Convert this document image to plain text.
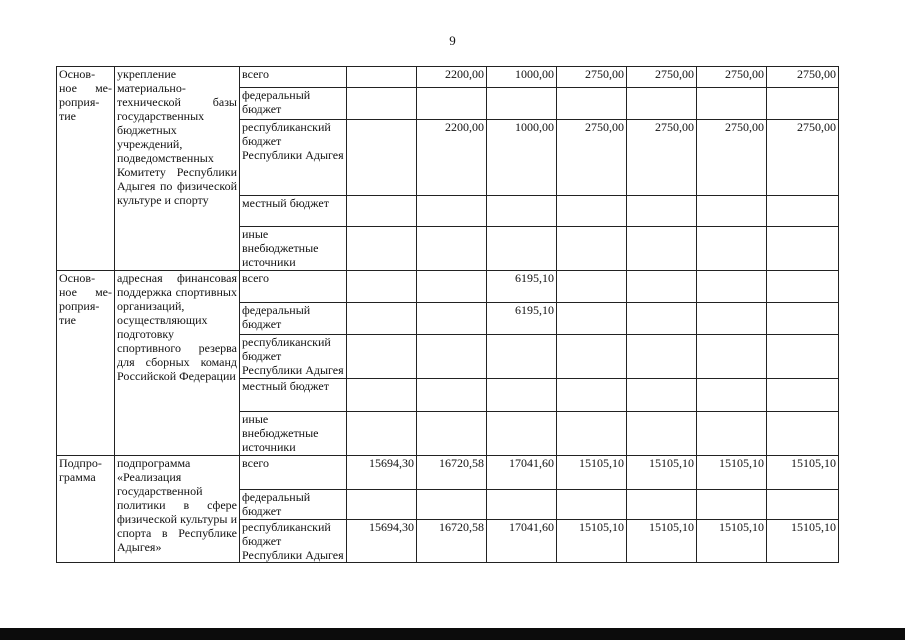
9
Основ-ное ме-роприя-тие	укрепление материально-технической базы государственных бюджетных учреждений, подведомственных Комитету Республики Адыгея по физической культуре и спорту	всего		2200,00	1000,00	2750,00	2750,00	2750,00	2750,00
		федеральный бюджет							
		республиканский бюджет Республики Адыгея		2200,00	1000,00	2750,00	2750,00	2750,00	2750,00
		местный бюджет							
		иные внебюджетные источники							
Основ-ное ме-роприя-тие	адресная финансовая поддержка спортивных организаций, осуществляющих подготовку спортивного резерва для сборных команд Российской Федерации	всего			6195,10				
		федеральный бюджет			6195,10				
		республиканский бюджет Республики Адыгея							
		местный бюджет							
		иные внебюджетные источники							
Подпро-грамма	подпрограмма «Реализация государственной политики в сфере физической культуры и спорта в Республике Адыгея»	всего	15694,30	16720,58	17041,60	15105,10	15105,10	15105,10	15105,10
		федеральный бюджет							
		республиканский бюджет Республики Адыгея	15694,30	16720,58	17041,60	15105,10	15105,10	15105,10	15105,10
